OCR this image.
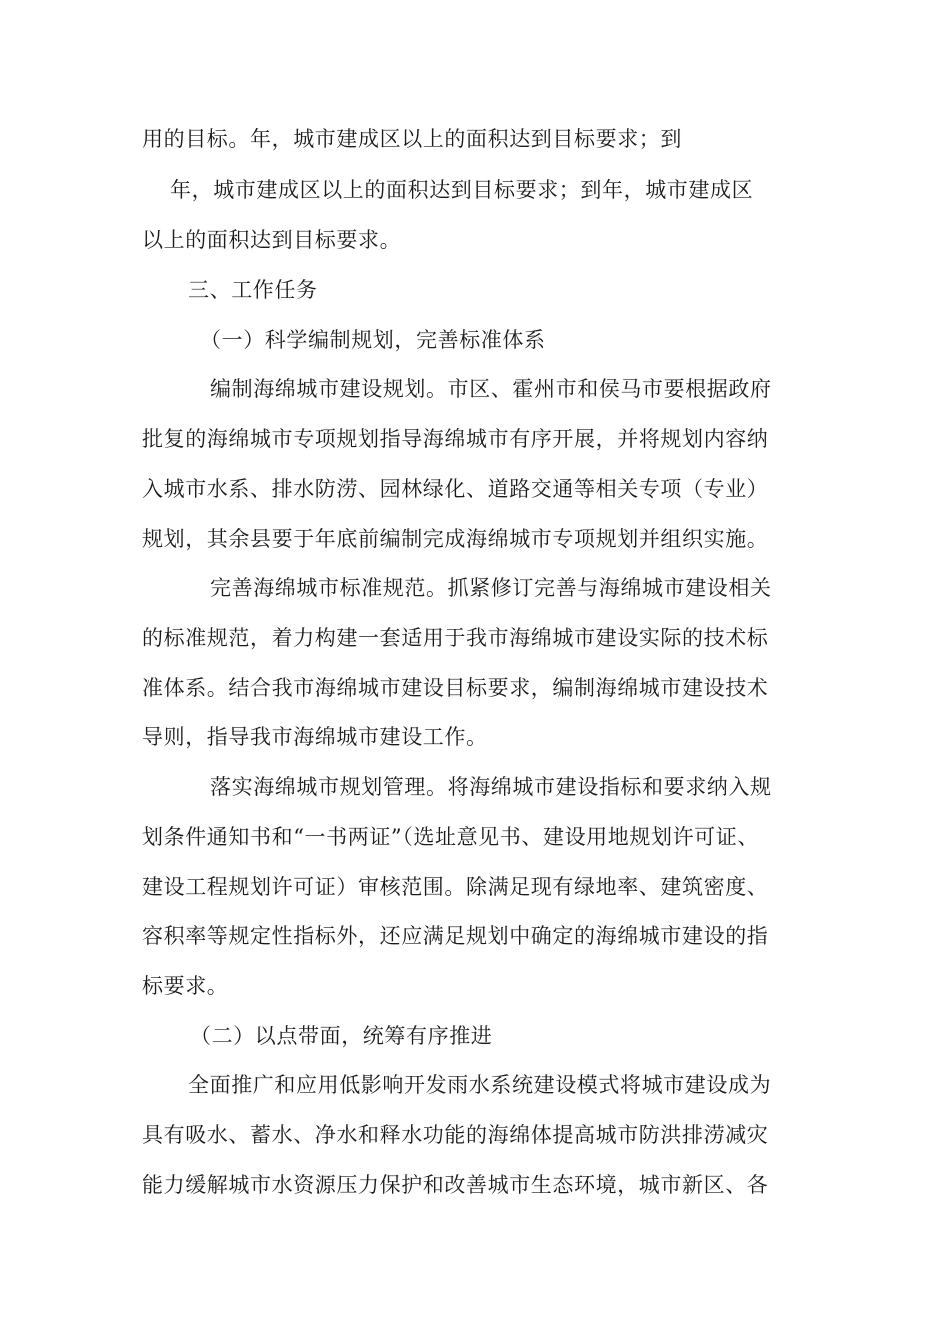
用的目标。年，城市建成区以上的面积达到目标要求；到
年，城市建成区以上的面积达到目标要求；到年，城市建成区
以上的面积达到目标要求。
三、工作任务
（一）科学编制规划，完善标准体系
编制海绵城市建设规划。市区、霍州市和侯马市要根据政府
批复的海绵城市专项规划指导海绵城市有序开展，并将规划内容纳
入城市水系、排水防涝、园林绿化、道路交通等相关专项（专业）
规划，其余县要于年底前编制完成海绵城市专项规划并组织实施。
完善海绵城市标准规范。抓紧修订完善与海绵城市建设相关
的标准规范，着力构建一套适用于我市海绵城市建设实际的技术标
准体系。结合我市海绵城市建设目标要求，编制海绵城市建设技术
导则，指导我市海绵城市建设工作。
落实海绵城市规划管理。将海绵城市建设指标和要求纳入规
划条件通知书和“一书两证”（选址意见书、建设用地规划许可证、
建设工程规划许可证）审核范围。除满足现有绿地率、建筑密度、
容积率等规定性指标外，还应满足规划中确定的海绵城市建设的指
标要求。
（二）以点带面，统筹有序推进
全面推广和应用低影响开发雨水系统建设模式将城市建设成为
具有吸水、蓄水、净水和释水功能的海绵体提高城市防洪排涝减灾
能力缓解城市水资源压力保护和改善城市生态环境，城市新区、各
